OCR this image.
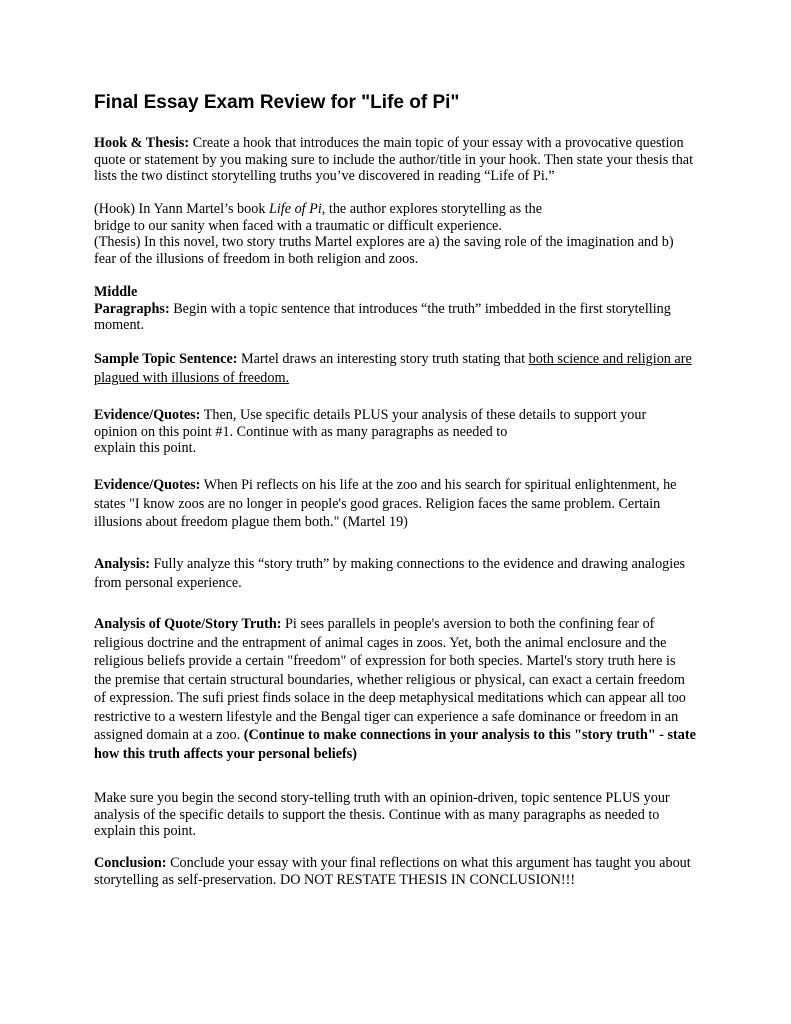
Final Essay Exam Review for "Life of Pi"
Hook & Thesis: Create a hook that introduces the main topic of your essay with a provocative question
quote or statement by you making sure to include the author/title in your hook. Then state your thesis that
lists the two distinct storytelling truths you’ve discovered in reading “Life of Pi.”
(Hook) In Yann Martel’s book Life of Pi, the author explores storytelling as the
bridge to our sanity when faced with a traumatic or difficult experience.
(Thesis) In this novel, two story truths Martel explores are a) the saving role of the imagination and b)
fear of the illusions of freedom in both religion and zoos.
Middle
Paragraphs: Begin with a topic sentence that introduces “the truth” imbedded in the first storytelling
moment.
Sample Topic Sentence: Martel draws an interesting story truth stating that both science and religion are
plagued with illusions of freedom.
Evidence/Quotes: Then, Use specific details PLUS your analysis of these details to support your
opinion on this point #1. Continue with as many paragraphs as needed to
explain this point.
Evidence/Quotes: When Pi reflects on his life at the zoo and his search for spiritual enlightenment, he
states "I know zoos are no longer in people's good graces. Religion faces the same problem. Certain
illusions about freedom plague them both." (Martel 19)
Analysis: Fully analyze this “story truth” by making connections to the evidence and drawing analogies
from personal experience.
Analysis of Quote/Story Truth: Pi sees parallels in people's aversion to both the confining fear of
religious doctrine and the entrapment of animal cages in zoos. Yet, both the animal enclosure and the
religious beliefs provide a certain "freedom" of expression for both species. Martel's story truth here is
the premise that certain structural boundaries, whether religious or physical, can exact a certain freedom
of expression. The sufi priest finds solace in the deep metaphysical meditations which can appear all too
restrictive to a western lifestyle and the Bengal tiger can experience a safe dominance or freedom in an
assigned domain at a zoo. (Continue to make connections in your analysis to this "story truth" - state
how this truth affects your personal beliefs)
Make sure you begin the second story-telling truth with an opinion-driven, topic sentence PLUS your
analysis of the specific details to support the thesis. Continue with as many paragraphs as needed to
explain this point.
Conclusion: Conclude your essay with your final reflections on what this argument has taught you about
storytelling as self-preservation. DO NOT RESTATE THESIS IN CONCLUSION!!!
